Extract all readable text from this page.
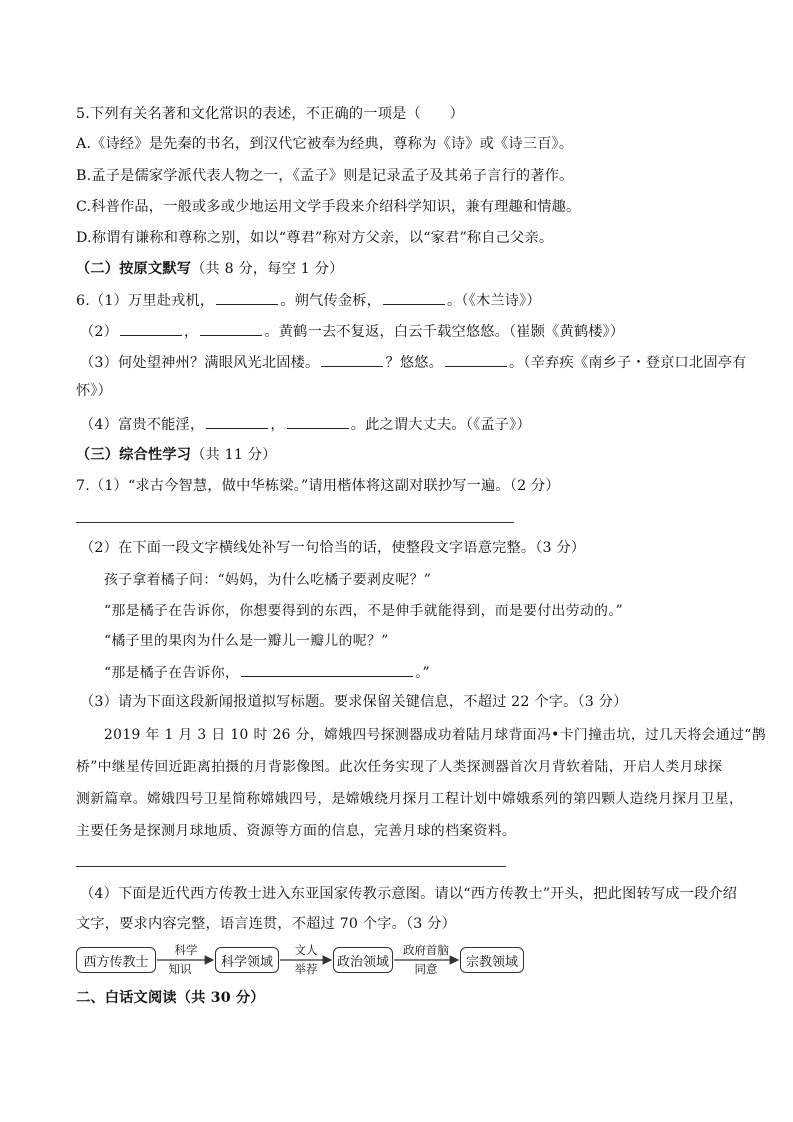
5.下列有关名著和文化常识的表述，不正确的一项是（　　）
A.《诗经》是先秦的书名，到汉代它被奉为经典，尊称为《诗》或《诗三百》。
B.孟子是儒家学派代表人物之一，《孟子》则是记录孟子及其弟子言行的著作。
C.科普作品，一般或多或少地运用文学手段来介绍科学知识，兼有理趣和情趣。
D.称谓有谦称和尊称之别，如以“尊君”称对方父亲，以“家君”称自己父亲。
（二）按原文默写（共 8 分，每空 1 分）
6.（1）万里赴戎机，	。朔气传金柝，	。（《木兰诗》）
（2）	，	。黄鹤一去不复返，白云千载空悠悠。（崔颢《黄鹤楼》）
（3）何处望神州？满眼风光北固楼。	？悠悠。	。（辛弃疾《南乡子・登京口北固亭有
怀》）
（4）富贵不能淫，	，	。此之谓大丈夫。（《孟子》）
（三）综合性学习（共 11 分）
7.（1）“求古今智慧，做中华栋梁。”请用楷体将这副对联抄写一遍。（2 分）
（2）在下面一段文字横线处补写一句恰当的话，使整段文字语意完整。（3 分）
孩子拿着橘子问：“妈妈，为什么吃橘子要剥皮呢？”
“那是橘子在告诉你，你想要得到的东西，不是伸手就能得到，而是要付出劳动的。”
“橘子里的果肉为什么是一瓣儿一瓣儿的呢？”
“那是橘子在告诉你，	。”
（3）请为下面这段新闻报道拟写标题。要求保留关键信息，不超过 22 个字。（3 分）
2019 年 1 月 3 日 10 时 26 分，嫦娥四号探测器成功着陆月球背面冯•卡门撞击坑，过几天将会通过“鹊
桥”中继星传回近距离拍摄的月背影像图。此次任务实现了人类探测器首次月背软着陆，开启人类月球探
测新篇章。嫦娥四号卫星简称嫦娥四号，是嫦娥绕月探月工程计划中嫦娥系列的第四颗人造绕月探月卫星，
主要任务是探测月球地质、资源等方面的信息，完善月球的档案资料。
（4）下面是近代西方传教士进入东亚国家传教示意图。请以“西方传教士”开头，把此图转写成一段介绍
文字，要求内容完整，语言连贯，不超过 70 个字。（3 分）
西方传教士	科学领域	政治领域	宗教领域
科学
知识
文人
举荐
政府首脑
同意
二、白话文阅读（共 30 分）
